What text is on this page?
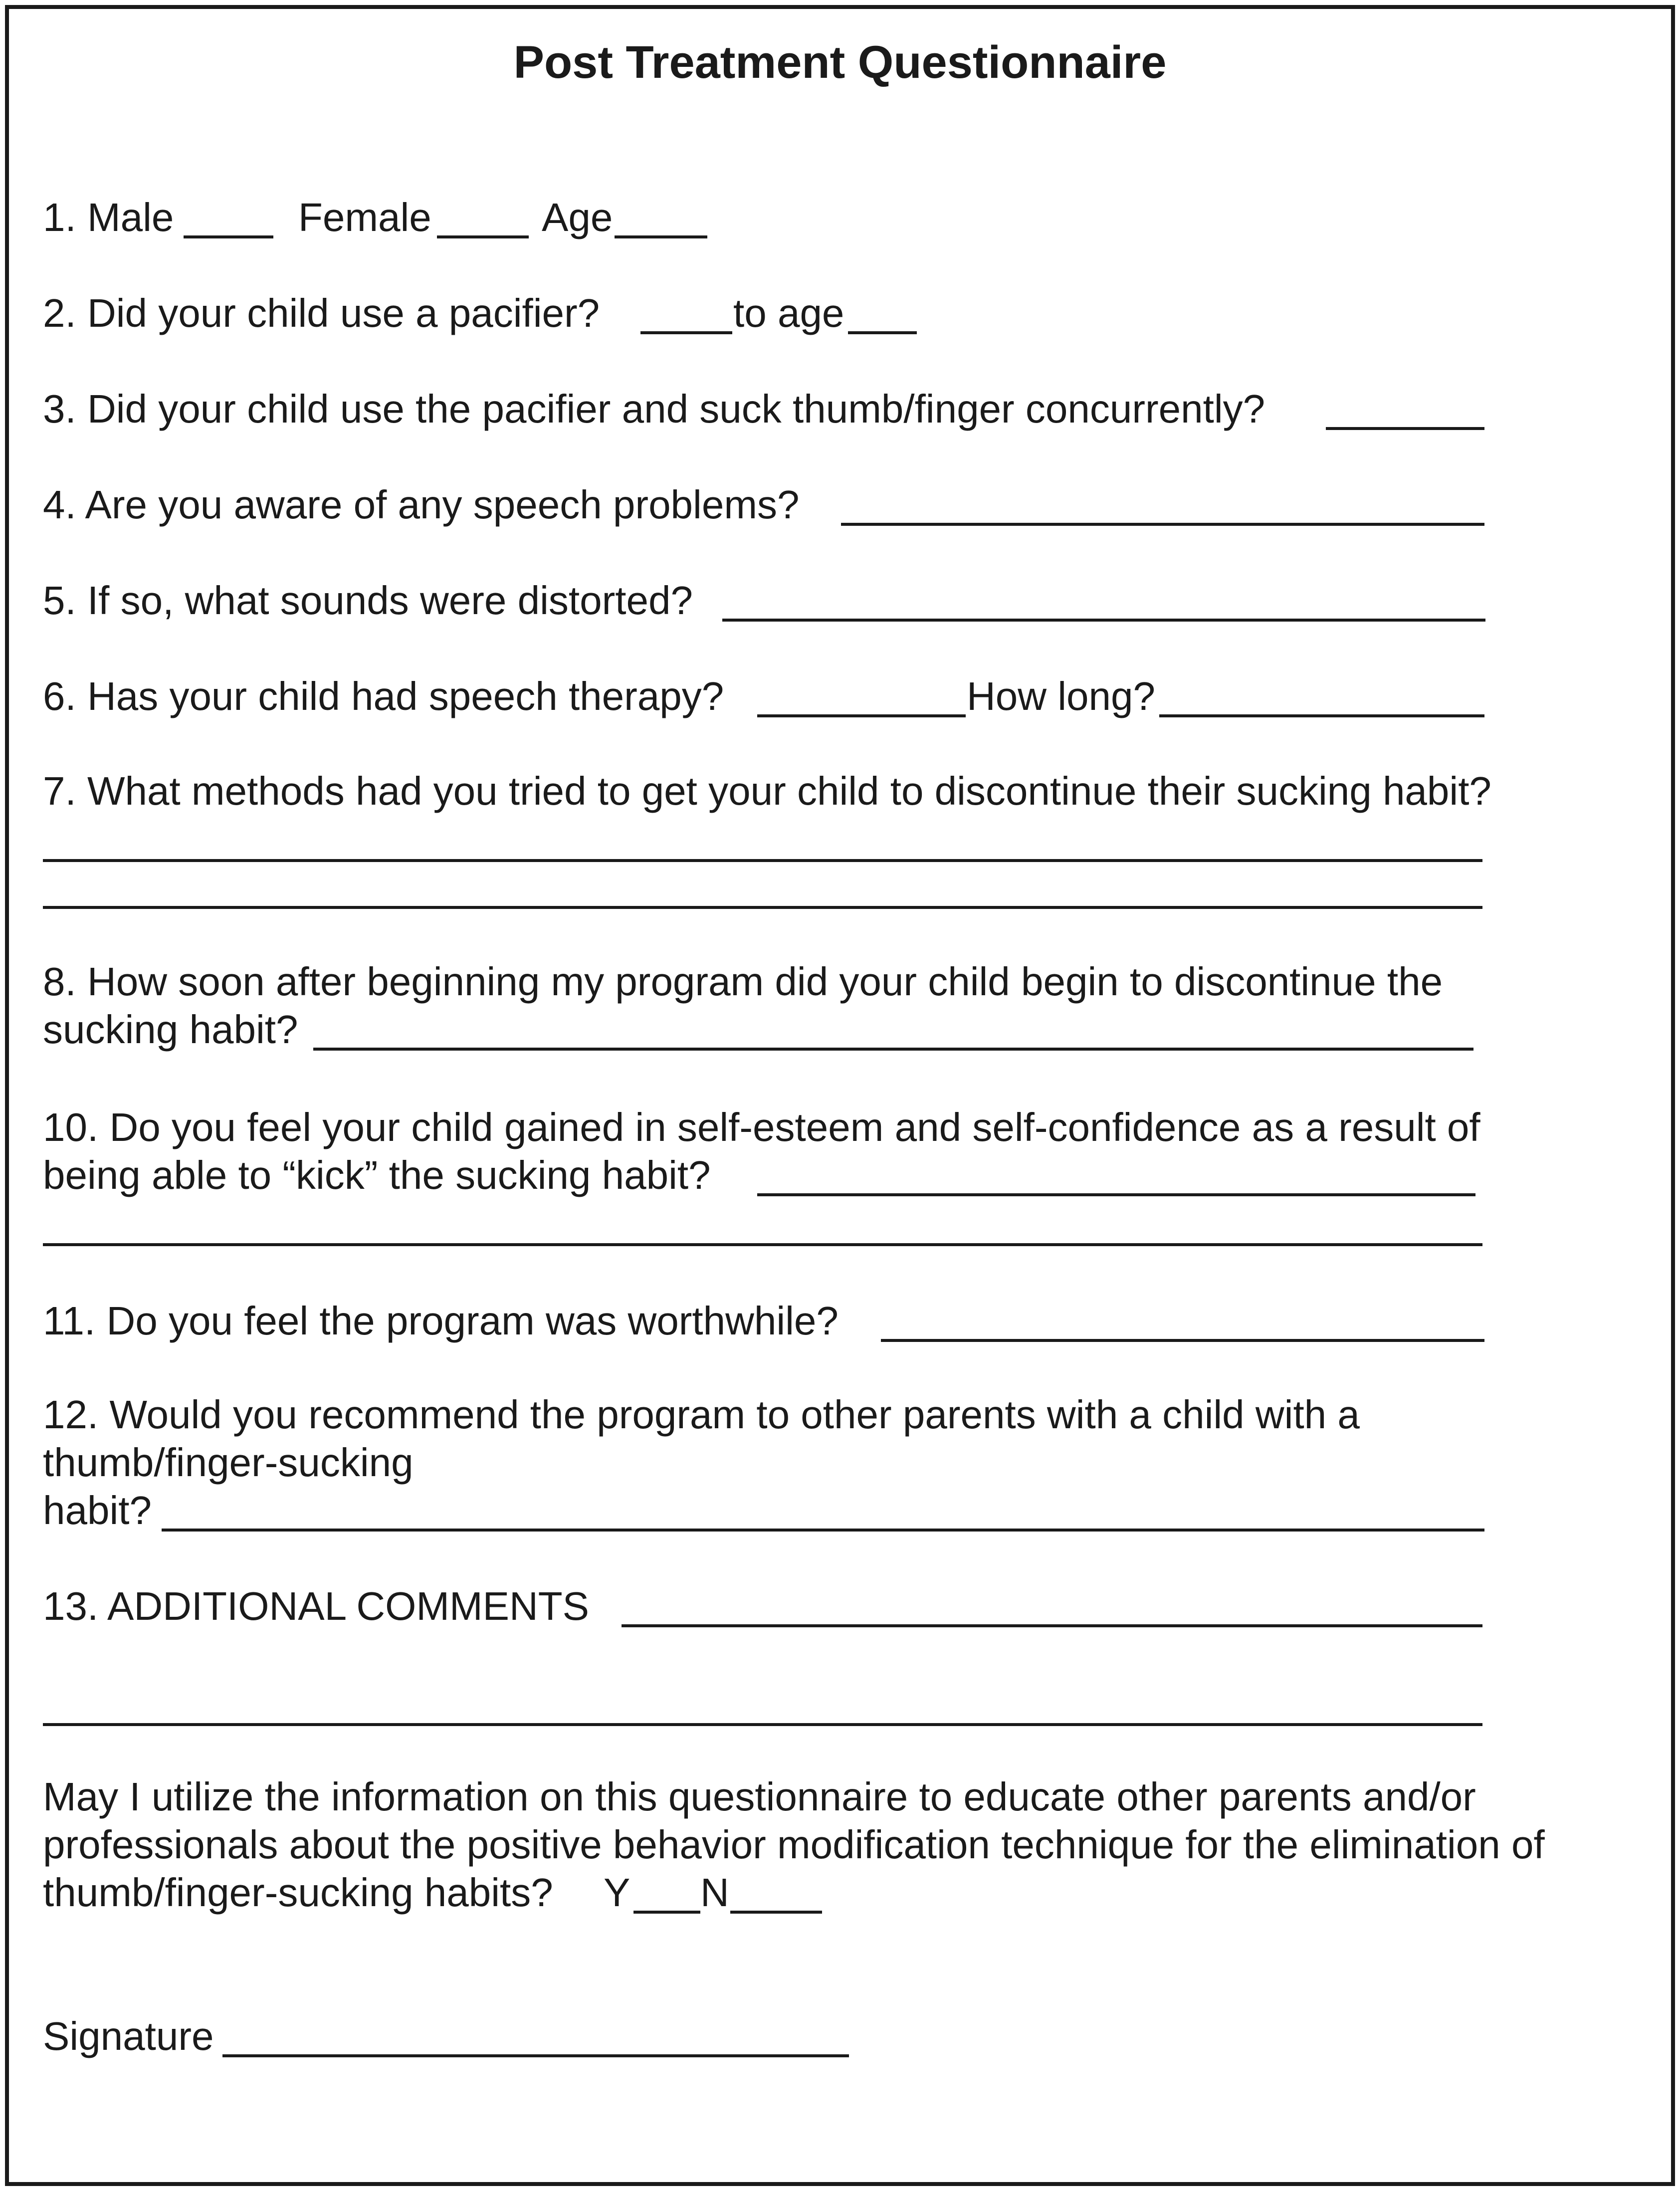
Post Treatment Questionnaire
1. Male	Female	Age
2. Did your child use a pacifier?	to age
3. Did your child use the pacifier and suck thumb/finger concurrently?
4. Are you aware of any speech problems?
5. If so, what sounds were distorted?
6. Has your child had speech therapy?	How long?
7. What methods had you tried to get your child to discontinue their sucking habit?
8. How soon after beginning my program did your child begin to discontinue the
sucking habit?
10. Do you feel your child gained in self-esteem and self-confidence as a result of
being able to “kick” the sucking habit?
11. Do you feel the program was worthwhile?
12. Would you recommend the program to other parents with a child with a
thumb/finger-sucking
habit?
13. ADDITIONAL COMMENTS
May I utilize the information on this questionnaire to educate other parents and/or
professionals about the positive behavior modification technique for the elimination of
thumb/finger-sucking habits? Y N
Signature
